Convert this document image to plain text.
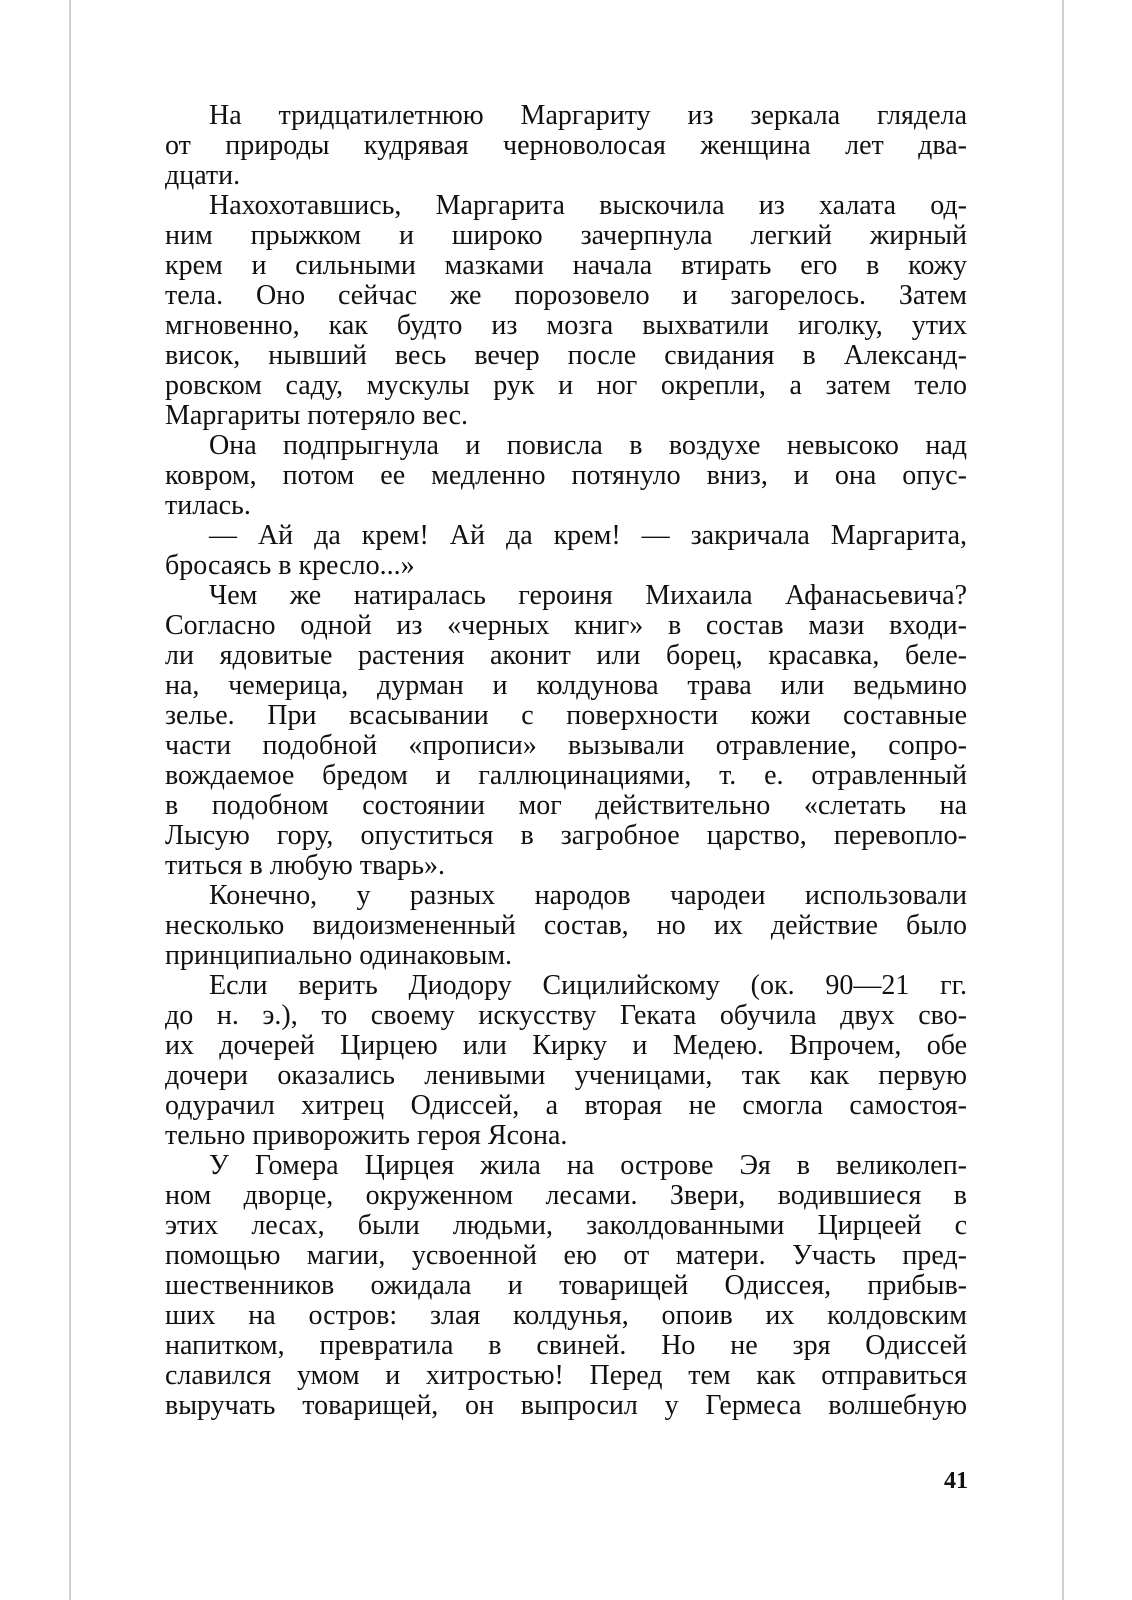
На тридцатилетнюю Маргариту из зеркала глядела
от природы кудрявая черноволосая женщина лет два-
дцати.
Нахохотавшись, Маргарита выскочила из халата од-
ним прыжком и широко зачерпнула легкий жирный
крем и сильными мазками начала втирать его в кожу
тела. Оно сейчас же порозовело и загорелось. Затем
мгновенно, как будто из мозга выхватили иголку, утих
висок, нывший весь вечер после свидания в Александ-
ровском саду, мускулы рук и ног окрепли, а затем тело
Маргариты потеряло вес.
Она подпрыгнула и повисла в воздухе невысоко над
ковром, потом ее медленно потянуло вниз, и она опус-
тилась.
— Ай да крем! Ай да крем! — закричала Маргарита,
бросаясь в кресло...»
Чем же натиралась героиня Михаила Афанасьевича?
Согласно одной из «черных книг» в состав мази входи-
ли ядовитые растения аконит или борец, красавка, беле-
на, чемерица, дурман и колдунова трава или ведьмино
зелье. При всасывании с поверхности кожи составные
части подобной «прописи» вызывали отравление, сопро-
вождаемое бредом и галлюцинациями, т. е. отравленный
в подобном состоянии мог действительно «слетать на
Лысую гору, опуститься в загробное царство, перевопло-
титься в любую тварь».
Конечно, у разных народов чародеи использовали
несколько видоизмененный состав, но их действие было
принципиально одинаковым.
Если верить Диодору Сицилийскому (ок. 90—21 гг.
до н. э.), то своему искусству Геката обучила двух сво-
их дочерей Цирцею или Кирку и Медею. Впрочем, обе
дочери оказались ленивыми ученицами, так как первую
одурачил хитрец Одиссей, а вторая не смогла самостоя-
тельно приворожить героя Ясона.
У Гомера Цирцея жила на острове Эя в великолеп-
ном дворце, окруженном лесами. Звери, водившиеся в
этих лесах, были людьми, заколдованными Цирцеей с
помощью магии, усвоенной ею от матери. Участь пред-
шественников ожидала и товарищей Одиссея, прибыв-
ших на остров: злая колдунья, опоив их колдовским
напитком, превратила в свиней. Но не зря Одиссей
славился умом и хитростью! Перед тем как отправиться
выручать товарищей, он выпросил у Гермеса волшебную
41
